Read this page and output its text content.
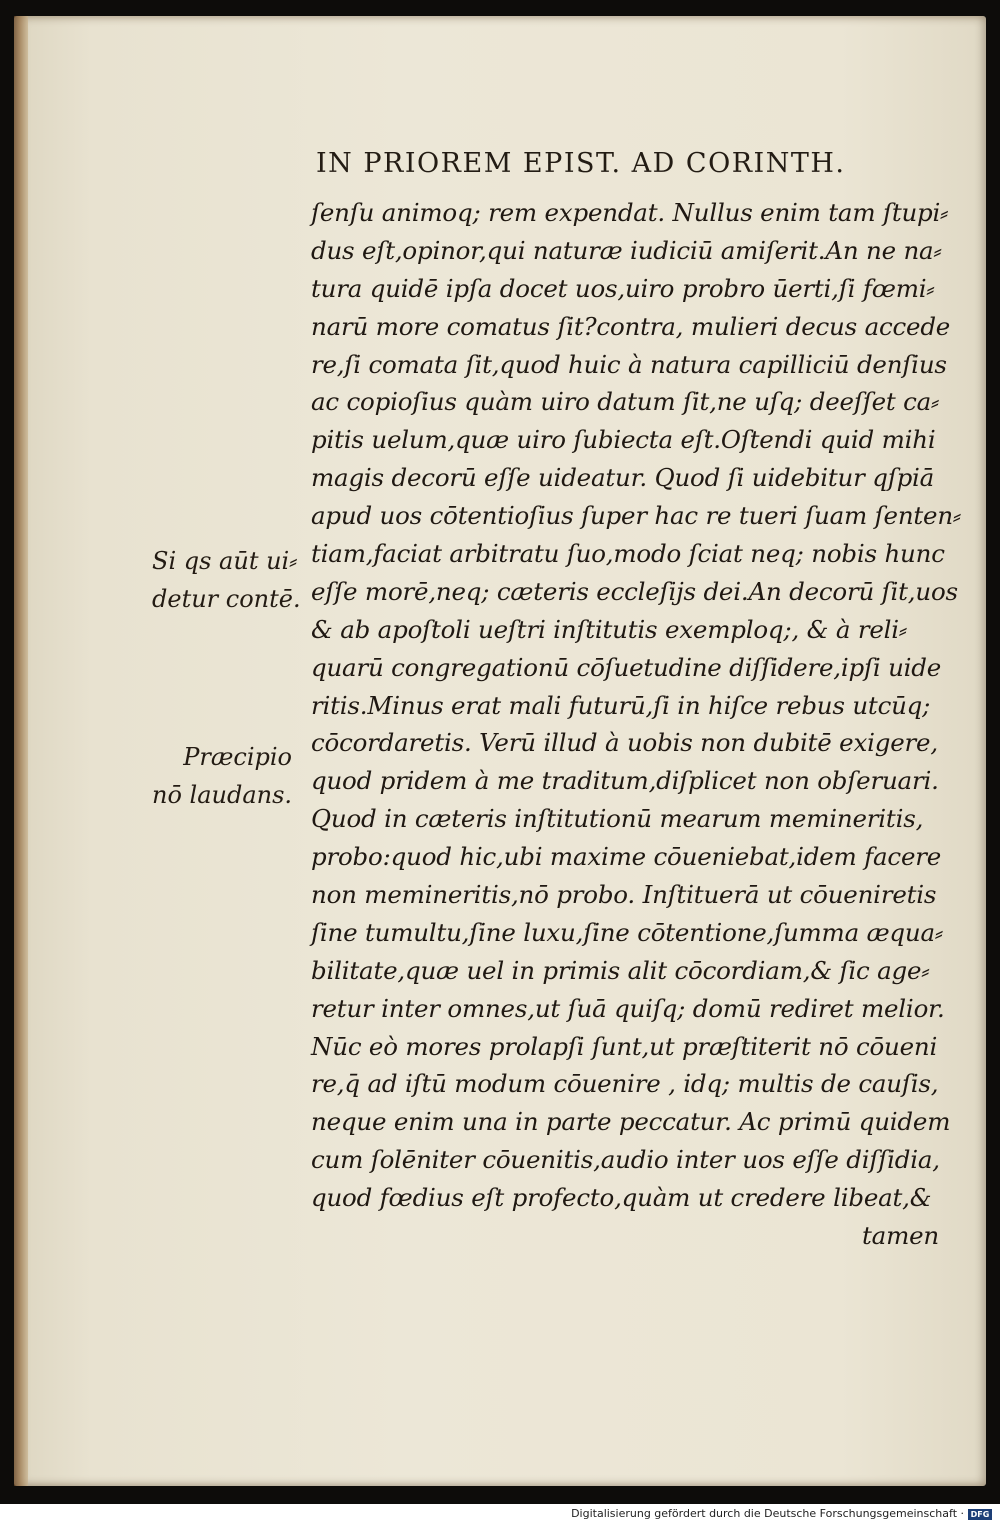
IN PRIOREM EPIST. AD CORINTH.
ſenſu animoq; rem expendat. Nullus enim tam ſtupi⸗
dus eſt,opinor,qui naturæ iudiciū amiſerit.An ne na⸗
tura quidē ipſa docet uos,uiro probro ūerti,ſi fœmi⸗
narū more comatus ſit?contra, mulieri decus accede
re,ſi comata ſit,quod huic à natura capilliciū denſius
ac copioſius quàm uiro datum ſit,ne uſq; deeſſet ca⸗
pitis uelum,quæ uiro ſubiecta eſt.Oſtendi quid mihi
magis decorū eſſe uideatur. Quod ſi uidebitur qſpiā
apud uos cōtentioſius ſuper hac re tueri ſuam ſenten⸗
tiam,faciat arbitratu ſuo,modo ſciat neq; nobis hunc
eſſe morē,neq; cæteris eccleſijs dei.An decorū ſit,uos
& ab apoſtoli ueſtri inſtitutis exemploq;, & à reli⸗
quarū congregationū cōſuetudine diſſidere,ipſi uide
ritis.Minus erat mali futurū,ſi in hiſce rebus utcūq;
cōcordaretis. Verū illud à uobis non dubitē exigere,
quod pridem à me traditum,diſplicet non obſeruari.
Quod in cæteris inſtitutionū mearum memineritis,
probo:quod hic,ubi maxime cōueniebat,idem facere
non memineritis,nō probo. Inſtituerā ut cōueniretis
ſine tumultu,ſine luxu,ſine cōtentione,ſumma æqua⸗
bilitate,quæ uel in primis alit cōcordiam,& ſic age⸗
retur inter omnes,ut ſuā quiſq; domū rediret melior.
Nūc eò mores prolapſi ſunt,ut præſtiterit nō cōueni
re,q̄ ad iſtū modum cōuenire , idq; multis de cauſis,
neque enim una in parte peccatur. Ac primū quidem
cum ſolēniter cōuenitis,audio inter uos eſſe diſſidia,
quod fœdius eſt profecto,quàm ut credere libeat,&
tamen
Si qs aūt ui⸗
detur contē.
Præcipio
nō laudans.
Digitalisierung gefördert durch die Deutsche Forschungsgemeinschaft · DFG
